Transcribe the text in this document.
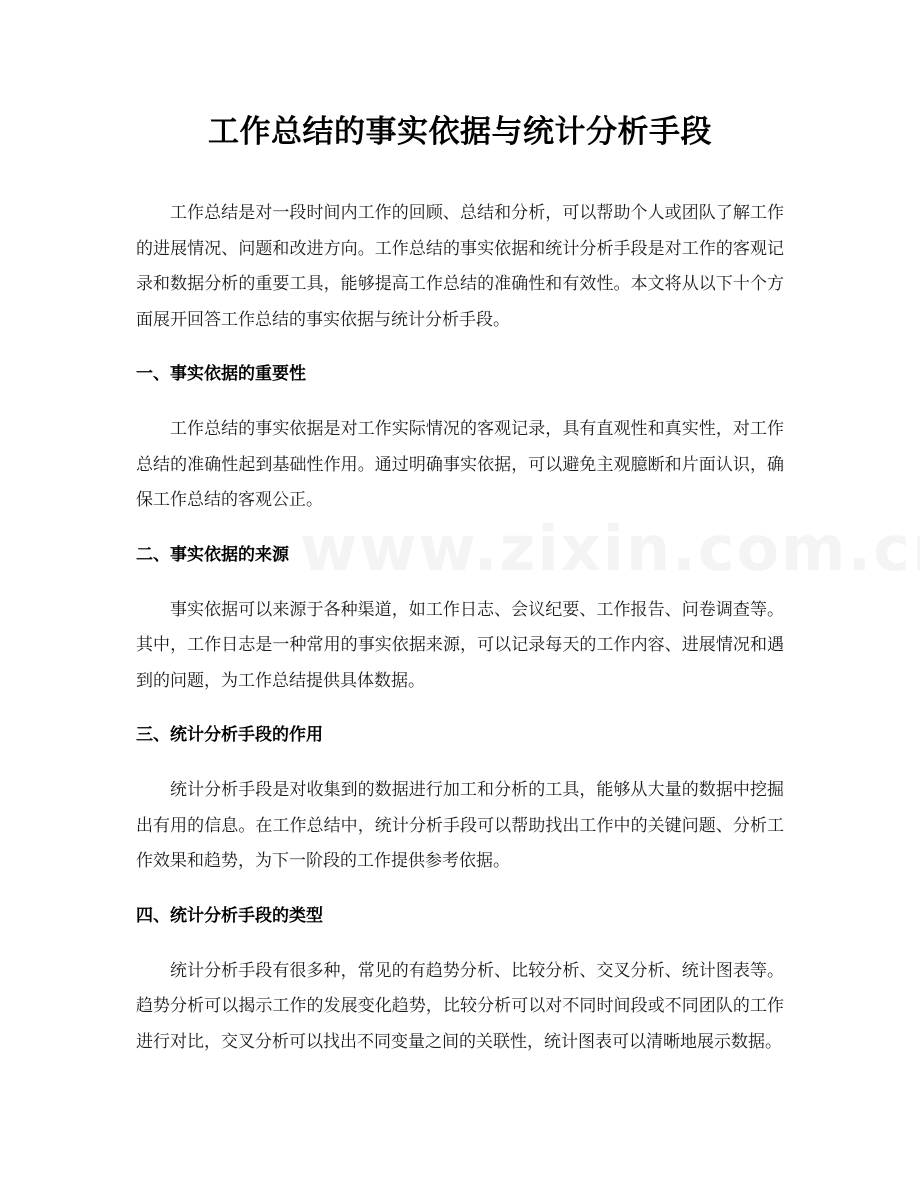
工作总结的事实依据与统计分析手段

工作总结是对一段时间内工作的回顾、总结和分析，可以帮助个人或团队了解工作的进展情况、问题和改进方向。工作总结的事实依据和统计分析手段是对工作的客观记录和数据分析的重要工具，能够提高工作总结的准确性和有效性。本文将从以下十个方面展开回答工作总结的事实依据与统计分析手段。

一、事实依据的重要性

工作总结的事实依据是对工作实际情况的客观记录，具有直观性和真实性，对工作总结的准确性起到基础性作用。通过明确事实依据，可以避免主观臆断和片面认识，确保工作总结的客观公正。

二、事实依据的来源

事实依据可以来源于各种渠道，如工作日志、会议纪要、工作报告、问卷调查等。其中，工作日志是一种常用的事实依据来源，可以记录每天的工作内容、进展情况和遇到的问题，为工作总结提供具体数据。

三、统计分析手段的作用

统计分析手段是对收集到的数据进行加工和分析的工具，能够从大量的数据中挖掘出有用的信息。在工作总结中，统计分析手段可以帮助找出工作中的关键问题、分析工作效果和趋势，为下一阶段的工作提供参考依据。

四、统计分析手段的类型

统计分析手段有很多种，常见的有趋势分析、比较分析、交叉分析、统计图表等。趋势分析可以揭示工作的发展变化趋势，比较分析可以对不同时间段或不同团队的工作进行对比，交叉分析可以找出不同变量之间的关联性，统计图表可以清晰地展示数据。
